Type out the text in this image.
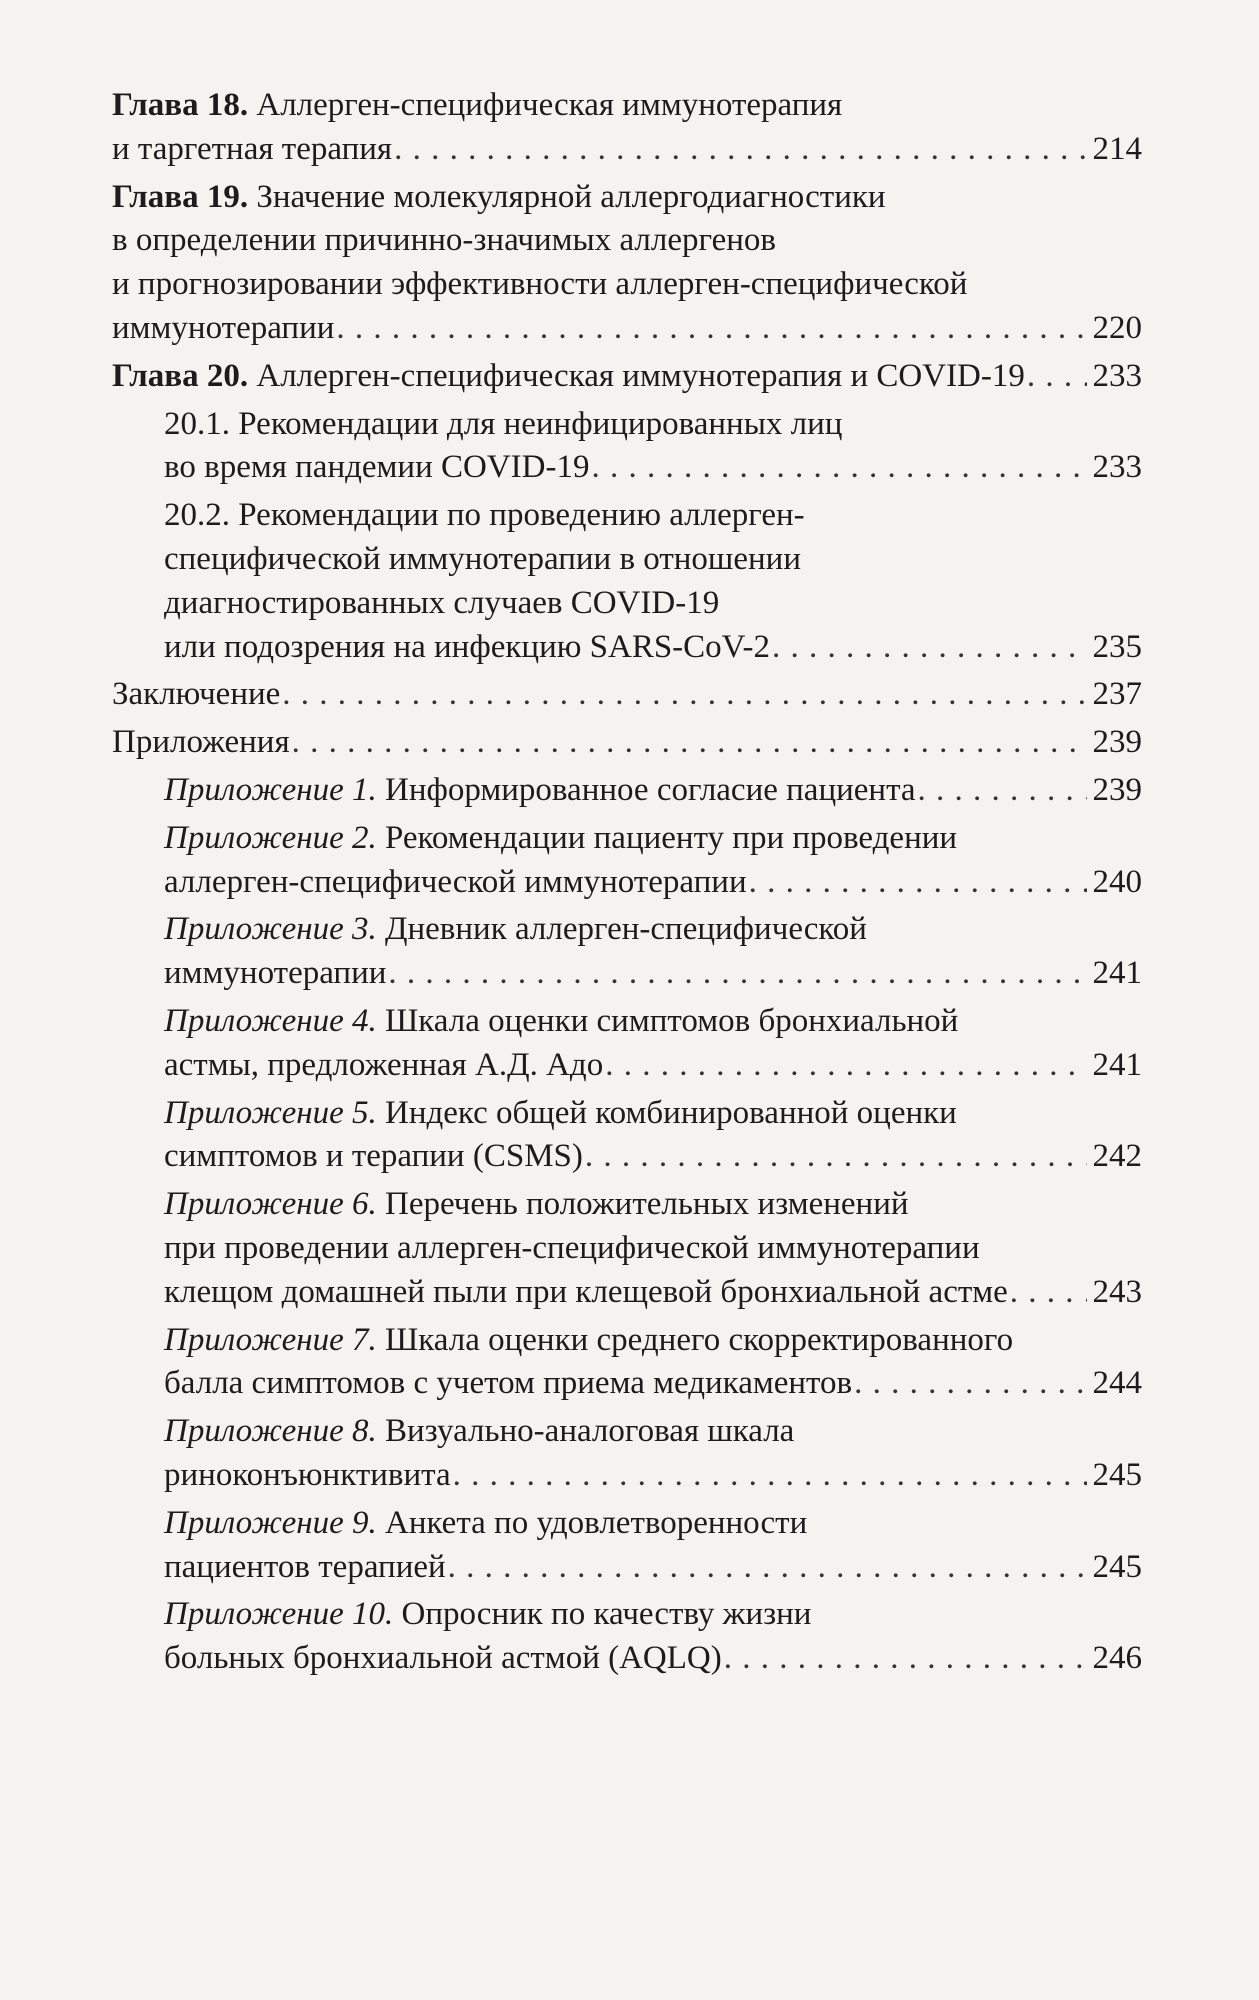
Глава 18. Аллерген-специфическая иммунотерапия
и таргетная терапия . . .	214
Глава 19. Значение молекулярной аллергодиагностики
в определении причинно-значимых аллергенов
и прогнозировании эффективности аллерген-специфической
иммунотерапии . . .	220
Глава 20. Аллерген-специфическая иммунотерапия и COVID-19 . . . 233
20.1. Рекомендации для неинфицированных лиц
во время пандемии COVID-19 . . .	233
20.2. Рекомендации по проведению аллерген-
специфической иммунотерапии в отношении
диагностированных случаев COVID-19
или подозрения на инфекцию SARS-CoV-2 . . .	235
Заключение . . .	237
Приложения . . .	239
Приложение 1. Информированное согласие пациента . . .	239
Приложение 2. Рекомендации пациенту при проведении
аллерген-специфической иммунотерапии . . .	240
Приложение 3. Дневник аллерген-специфической
иммунотерапии . . .	241
Приложение 4. Шкала оценки симптомов бронхиальной
астмы, предложенная А.Д. Адо . . .	241
Приложение 5. Индекс общей комбинированной оценки
симптомов и терапии (CSMS) . . .	242
Приложение 6. Перечень положительных изменений
при проведении аллерген-специфической иммунотерапии
клещом домашней пыли при клещевой бронхиальной астме . . .	243
Приложение 7. Шкала оценки среднего скорректированного
балла симптомов с учетом приема медикаментов . . .	244
Приложение 8. Визуально-аналоговая шкала
риноконъюнктивита . . .	245
Приложение 9. Анкета по удовлетворенности
пациентов терапией . . .	245
Приложение 10. Опросник по качеству жизни
больных бронхиальной астмой (AQLQ) . . .	246
